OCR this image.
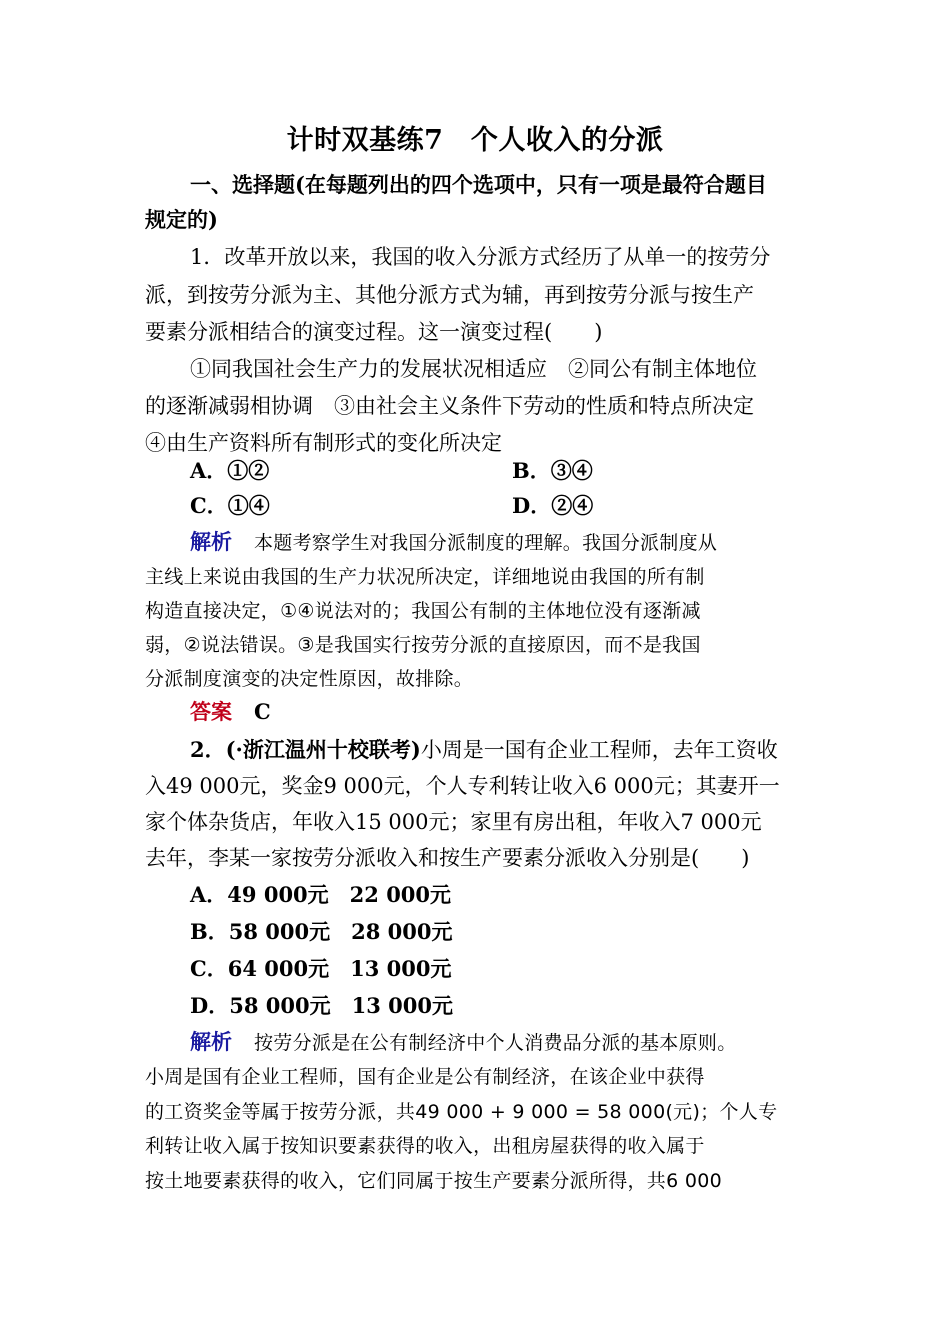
计时双基练7　个人收入的分派
一、选择题(在每题列出的四个选项中，只有一项是最符合题目
规定的)
1．改革开放以来，我国的收入分派方式经历了从单一的按劳分
派，到按劳分派为主、其他分派方式为辅，再到按劳分派与按生产
要素分派相结合的演变过程。这一演变过程(　　)
①同我国社会生产力的发展状况相适应　②同公有制主体地位
的逐渐减弱相协调　③由社会主义条件下劳动的性质和特点所决定
④由生产资料所有制形式的变化所决定
A．①②	B．③④
C．①④	D．②④
解析 本题考察学生对我国分派制度的理解。我国分派制度从
主线上来说由我国的生产力状况所决定，详细地说由我国的所有制
构造直接决定，①④说法对的；我国公有制的主体地位没有逐渐减
弱，②说法错误。③是我国实行按劳分派的直接原因，而不是我国
分派制度演变的决定性原因，故排除。
答案 C
2．(·浙江温州十校联考)小周是一国有企业工程师，去年工资收
入49 000元，奖金9 000元，个人专利转让收入6 000元；其妻开一
家个体杂货店，年收入15 000元；家里有房出租，年收入7 000元
去年，李某一家按劳分派收入和按生产要素分派收入分别是(　　)
A．49 000元　22 000元
B．58 000元　28 000元
C．64 000元　13 000元
D．58 000元　13 000元
解析 按劳分派是在公有制经济中个人消费品分派的基本原则。
小周是国有企业工程师，国有企业是公有制经济，在该企业中获得
的工资奖金等属于按劳分派，共49 000 + 9 000 = 58 000(元)；个人专
利转让收入属于按知识要素获得的收入，出租房屋获得的收入属于
按土地要素获得的收入，它们同属于按生产要素分派所得，共6 000
